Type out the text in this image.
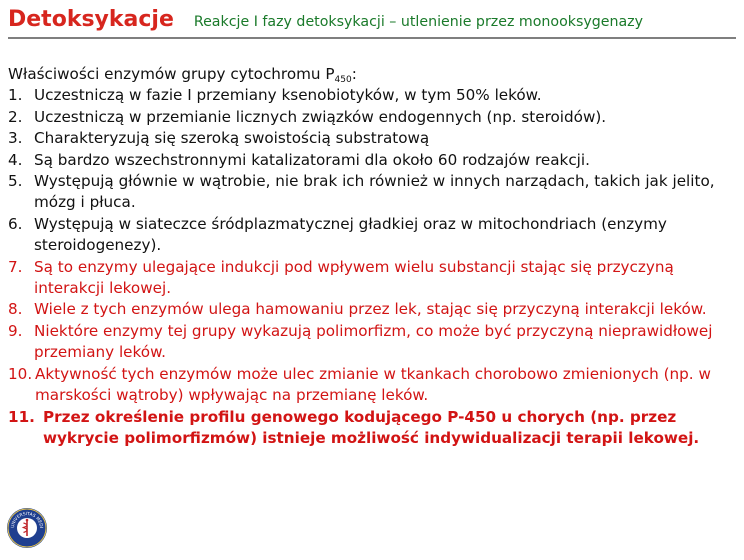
Detoksykacje Reakcje I fazy detoksykacji – utlenienie przez monooksygenazy
Właściwości enzymów grupy cytochromu $P_{450}$:
1. Uczestniczą w fazie I przemiany ksenobiotyków, w tym 50% leków.
2. Uczestniczą w przemianie licznych związków endogennych (np. steroidów).
3. Charakteryzują się szeroką swoistością substratową
4. Są bardzo wszechstronnymi katalizatorami dla około 60 rodzajów reakcji.
5. Występują głównie w wątrobie, nie brak ich również w innych narządach, takich jak jelito, mózg i płuca.
6. Występują w siateczce śródplazmatycznej gładkiej oraz w mitochondriach (enzymy steroidogenezy).
7. Są to enzymy ulegające indukcji pod wpływem wielu substancji stając się przyczyną interakcji lekowej.
8. Wiele z tych enzymów ulega hamowaniu przez lek, stając się przyczyną interakcji leków.
9. Niektóre enzymy tej grupy wykazują polimorfizm, co może być przyczyną nieprawidłowej przemiany leków.
10. Aktywność tych enzymów może ulec zmianie w tkankach chorobowo zmienionych (np. w marskości wątroby) wpływając na przemianę leków.
11. Przez określenie profilu genowego kodującego P-450 u chorych (np. przez wykrycie polimorfizmów) istnieje możliwość indywidualizacji terapii lekowej.
UNIVERSITAS MEDI
